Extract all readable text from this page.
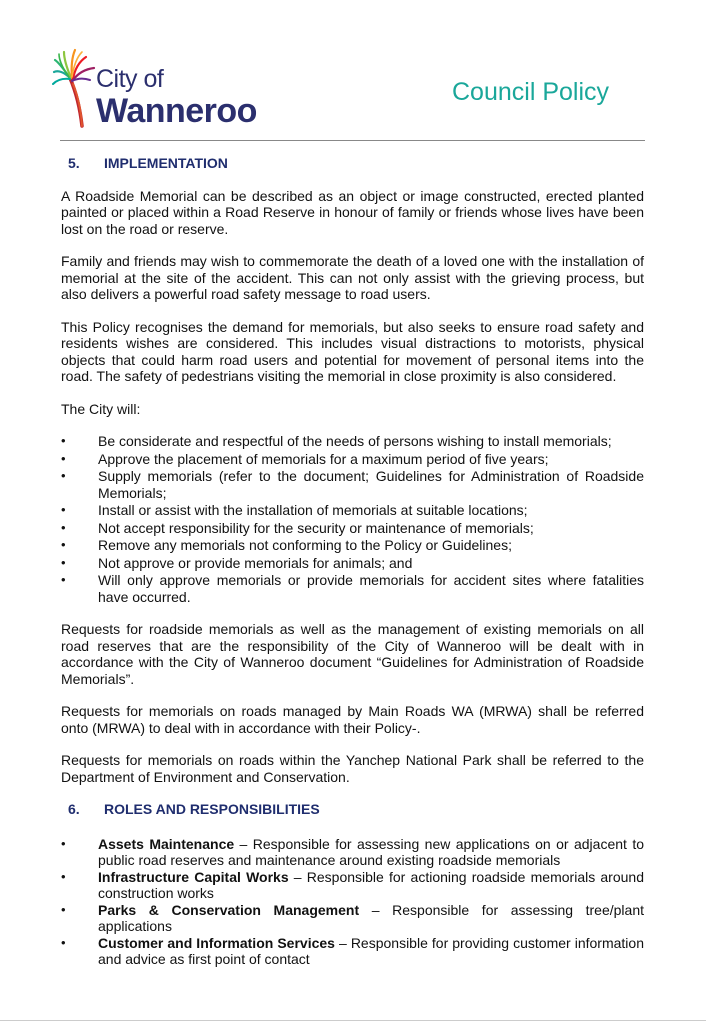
City of
Wanneroo	Council Policy
5.	IMPLEMENTATION

A Roadside Memorial can be described as an object or image constructed, erected planted painted or placed within a Road Reserve in honour of family or friends whose lives have been lost on the road or reserve.

Family and friends may wish to commemorate the death of a loved one with the installation of memorial at the site of the accident. This can not only assist with the grieving process, but also delivers a powerful road safety message to road users.

This Policy recognises the demand for memorials, but also seeks to ensure road safety and residents wishes are considered. This includes visual distractions to motorists, physical objects that could harm road users and potential for movement of personal items into the road. The safety of pedestrians visiting the memorial in close proximity is also considered.

The City will:

•	Be considerate and respectful of the needs of persons wishing to install memorials;
•	Approve the placement of memorials for a maximum period of five years;
•	Supply memorials (refer to the document; Guidelines for Administration of Roadside Memorials;
•	Install or assist with the installation of memorials at suitable locations;
•	Not accept responsibility for the security or maintenance of memorials;
•	Remove any memorials not conforming to the Policy or Guidelines;
•	Not approve or provide memorials for animals; and
•	Will only approve memorials or provide memorials for accident sites where fatalities have occurred.

Requests for roadside memorials as well as the management of existing memorials on all road reserves that are the responsibility of the City of Wanneroo will be dealt with in accordance with the City of Wanneroo document “Guidelines for Administration of Roadside Memorials”.

Requests for memorials on roads managed by Main Roads WA (MRWA) shall be referred onto (MRWA) to deal with in accordance with their Policy-.

Requests for memorials on roads within the Yanchep National Park shall be referred to the Department of Environment and Conservation.

6.	ROLES AND RESPONSIBILITIES
•	Assets Maintenance – Responsible for assessing new applications on or adjacent to public road reserves and maintenance around existing roadside memorials
•	Infrastructure Capital Works – Responsible for actioning roadside memorials around construction works
•	Parks & Conservation Management – Responsible for assessing tree/plant applications
•	Customer and Information Services – Responsible for providing customer information and advice as first point of contact
